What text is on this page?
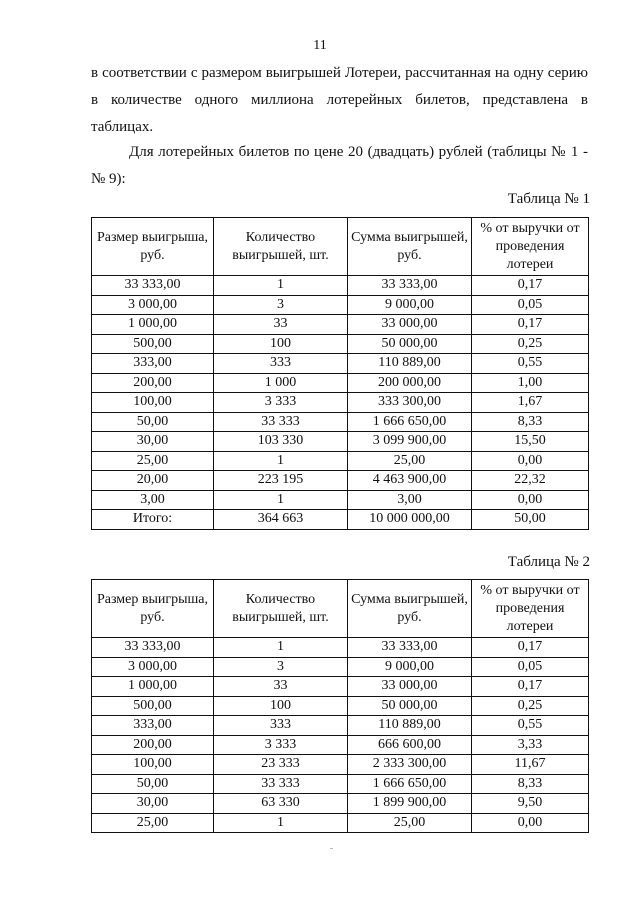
11

в соответствии с размером выигрышей Лотереи, рассчитанная на одну серию в количестве одного миллиона лотерейных билетов, представлена в таблицах.

Для лотерейных билетов по цене 20 (двадцать) рублей (таблицы № 1 - № 9):

Таблица № 1
Размер выигрыша, руб.	Количество выигрышей, шт.	Сумма выигрышей, руб.	% от выручки от проведения лотереи
33 333,00	1	33 333,00	0,17
3 000,00	3	9 000,00	0,05
1 000,00	33	33 000,00	0,17
500,00	100	50 000,00	0,25
333,00	333	110 889,00	0,55
200,00	1 000	200 000,00	1,00
100,00	3 333	333 300,00	1,67
50,00	33 333	1 666 650,00	8,33
30,00	103 330	3 099 900,00	15,50
25,00	1	25,00	0,00
20,00	223 195	4 463 900,00	22,32
3,00	1	3,00	0,00
Итого:	364 663	10 000 000,00	50,00
Таблица № 2
Размер выигрыша, руб.	Количество выигрышей, шт.	Сумма выигрышей, руб.	% от выручки от проведения лотереи
33 333,00	1	33 333,00	0,17
3 000,00	3	9 000,00	0,05
1 000,00	33	33 000,00	0,17
500,00	100	50 000,00	0,25
333,00	333	110 889,00	0,55
200,00	3 333	666 600,00	3,33
100,00	23 333	2 333 300,00	11,67
50,00	33 333	1 666 650,00	8,33
30,00	63 330	1 899 900,00	9,50
25,00	1	25,00	0,00
